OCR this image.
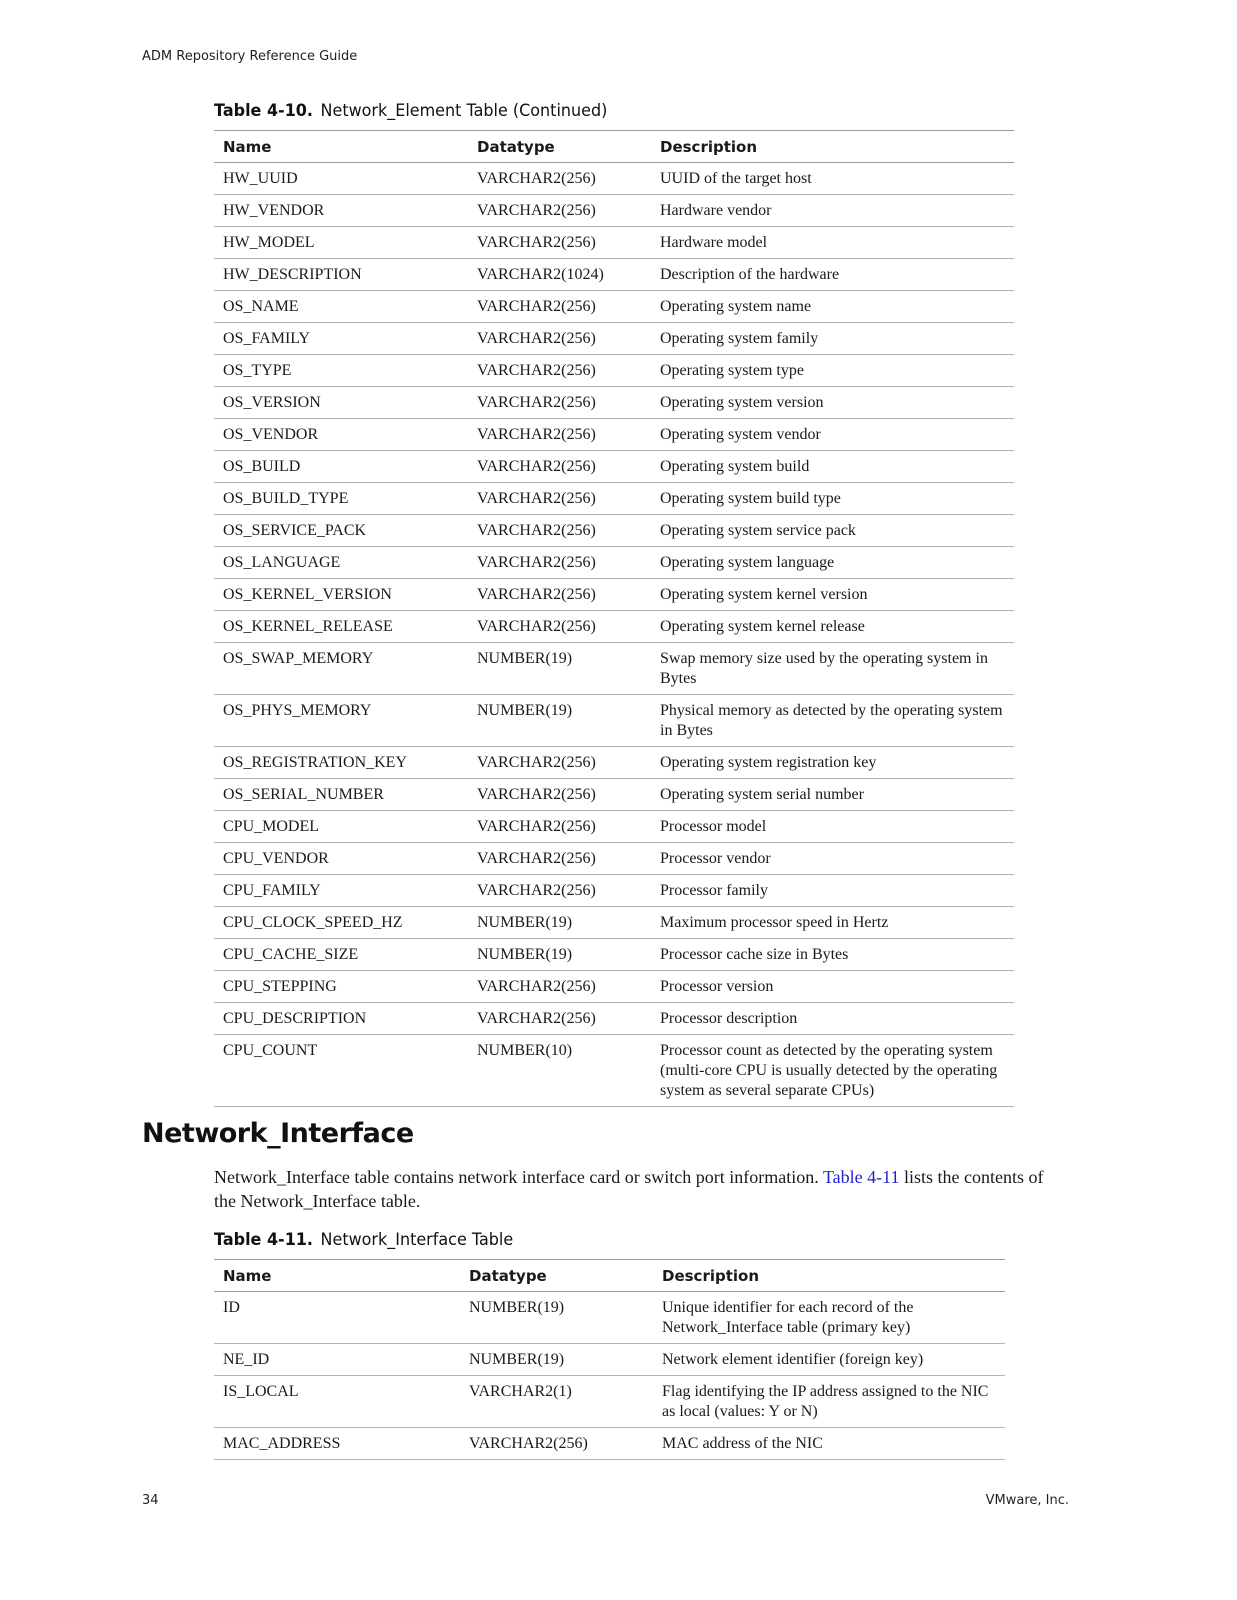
ADM Repository Reference Guide
Table 4-10. Network_Element Table (Continued)
Name	Datatype	Description
HW_UUID	VARCHAR2(256)	UUID of the target host
HW_VENDOR	VARCHAR2(256)	Hardware vendor
HW_MODEL	VARCHAR2(256)	Hardware model
HW_DESCRIPTION	VARCHAR2(1024)	Description of the hardware
OS_NAME	VARCHAR2(256)	Operating system name
OS_FAMILY	VARCHAR2(256)	Operating system family
OS_TYPE	VARCHAR2(256)	Operating system type
OS_VERSION	VARCHAR2(256)	Operating system version
OS_VENDOR	VARCHAR2(256)	Operating system vendor
OS_BUILD	VARCHAR2(256)	Operating system build
OS_BUILD_TYPE	VARCHAR2(256)	Operating system build type
OS_SERVICE_PACK	VARCHAR2(256)	Operating system service pack
OS_LANGUAGE	VARCHAR2(256)	Operating system language
OS_KERNEL_VERSION	VARCHAR2(256)	Operating system kernel version
OS_KERNEL_RELEASE	VARCHAR2(256)	Operating system kernel release
OS_SWAP_MEMORY	NUMBER(19)	Swap memory size used by the operating system in Bytes
OS_PHYS_MEMORY	NUMBER(19)	Physical memory as detected by the operating system in Bytes
OS_REGISTRATION_KEY	VARCHAR2(256)	Operating system registration key
OS_SERIAL_NUMBER	VARCHAR2(256)	Operating system serial number
CPU_MODEL	VARCHAR2(256)	Processor model
CPU_VENDOR	VARCHAR2(256)	Processor vendor
CPU_FAMILY	VARCHAR2(256)	Processor family
CPU_CLOCK_SPEED_HZ	NUMBER(19)	Maximum processor speed in Hertz
CPU_CACHE_SIZE	NUMBER(19)	Processor cache size in Bytes
CPU_STEPPING	VARCHAR2(256)	Processor version
CPU_DESCRIPTION	VARCHAR2(256)	Processor description
CPU_COUNT	NUMBER(10)	Processor count as detected by the operating system (multi-core CPU is usually detected by the operating system as several separate CPUs)
Network_Interface

Network_Interface table contains network interface card or switch port information. Table 4-11 lists the contents of the Network_Interface table.

Table 4-11. Network_Interface Table
Name	Datatype	Description
ID	NUMBER(19)	Unique identifier for each record of the Network_Interface table (primary key)
NE_ID	NUMBER(19)	Network element identifier (foreign key)
IS_LOCAL	VARCHAR2(1)	Flag identifying the IP address assigned to the NIC as local (values: Y or N)
MAC_ADDRESS	VARCHAR2(256)	MAC address of the NIC
34	VMware, Inc.
